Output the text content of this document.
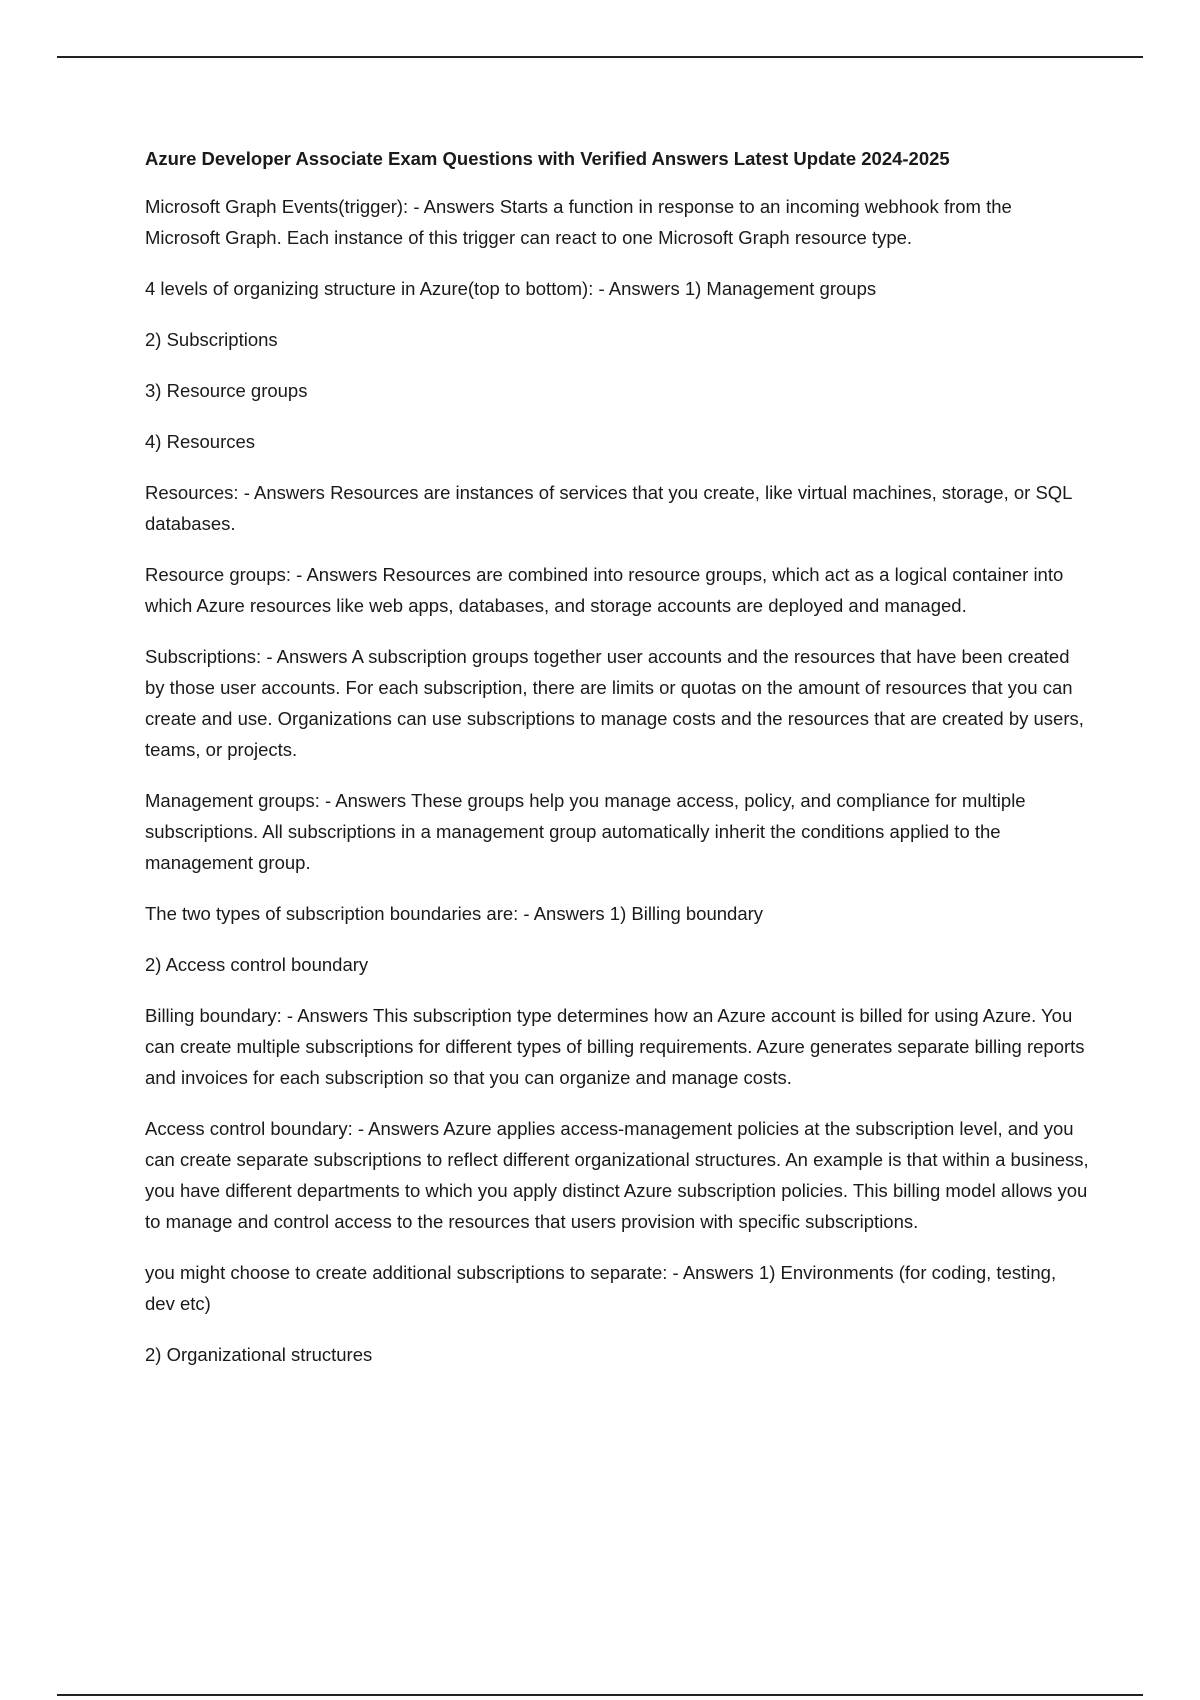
Azure Developer Associate Exam Questions with Verified Answers Latest Update 2024-2025

Microsoft Graph Events(trigger): - Answers Starts a function in response to an incoming webhook from the Microsoft Graph. Each instance of this trigger can react to one Microsoft Graph resource type.

4 levels of organizing structure in Azure(top to bottom): - Answers 1) Management groups

2) Subscriptions

3) Resource groups

4) Resources

Resources: - Answers Resources are instances of services that you create, like virtual machines, storage, or SQL databases.

Resource groups: - Answers Resources are combined into resource groups, which act as a logical container into which Azure resources like web apps, databases, and storage accounts are deployed and managed.

Subscriptions: - Answers A subscription groups together user accounts and the resources that have been created by those user accounts. For each subscription, there are limits or quotas on the amount of resources that you can create and use. Organizations can use subscriptions to manage costs and the resources that are created by users, teams, or projects.

Management groups: - Answers These groups help you manage access, policy, and compliance for multiple subscriptions. All subscriptions in a management group automatically inherit the conditions applied to the management group.

The two types of subscription boundaries are: - Answers 1) Billing boundary

2) Access control boundary

Billing boundary: - Answers This subscription type determines how an Azure account is billed for using Azure. You can create multiple subscriptions for different types of billing requirements. Azure generates separate billing reports and invoices for each subscription so that you can organize and manage costs.

Access control boundary: - Answers Azure applies access-management policies at the subscription level, and you can create separate subscriptions to reflect different organizational structures. An example is that within a business, you have different departments to which you apply distinct Azure subscription policies. This billing model allows you to manage and control access to the resources that users provision with specific subscriptions.

you might choose to create additional subscriptions to separate: - Answers 1) Environments (for coding, testing, dev etc)

2) Organizational structures
